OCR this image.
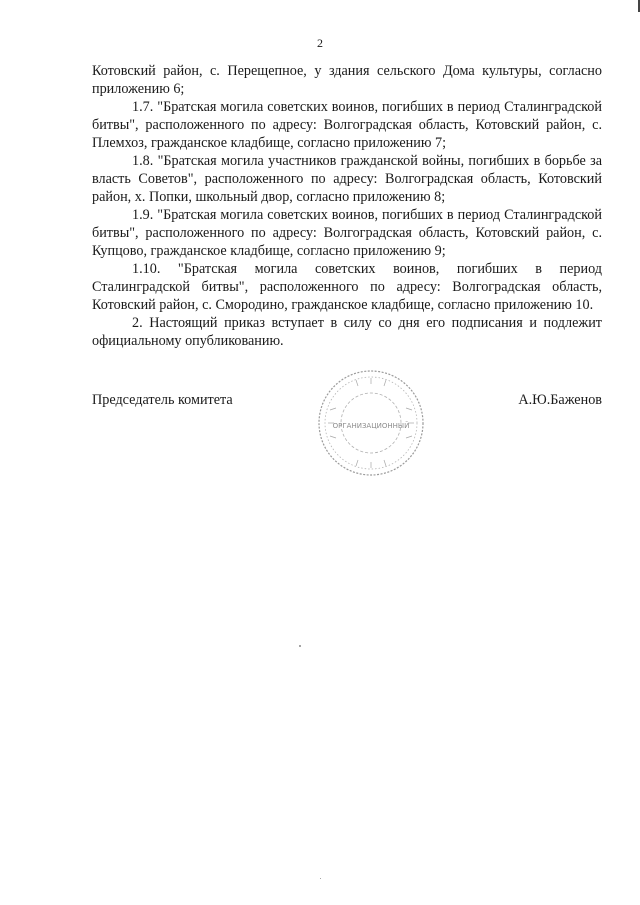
2

Котовский район, с. Перещепное, у здания сельского Дома культуры, согласно приложению 6;

1.7. "Братская могила советских воинов, погибших в период Сталинградской битвы", расположенного по адресу: Волгоградская область, Котовский район, с. Племхоз, гражданское кладбище, согласно приложению 7;

1.8. "Братская могила участников гражданской войны, погибших в борьбе за власть Советов", расположенного по адресу: Волгоградская область, Котовский район, х. Попки, школьный двор, согласно приложению 8;

1.9. "Братская могила советских воинов, погибших в период Сталинградской битвы", расположенного по адресу: Волгоградская область, Котовский район, с. Купцово, гражданское кладбище, согласно приложению 9;

1.10. "Братская могила советских воинов, погибших в период Сталинградской битвы", расположенного по адресу: Волгоградская область, Котовский район, с. Смородино, гражданское кладбище, согласно приложению 10.

2. Настоящий приказ вступает в силу со дня его подписания и подлежит официальному опубликованию.

Председатель комитета	А.Ю.Баженов
ОРГАНИЗАЦИОННЫЙ
